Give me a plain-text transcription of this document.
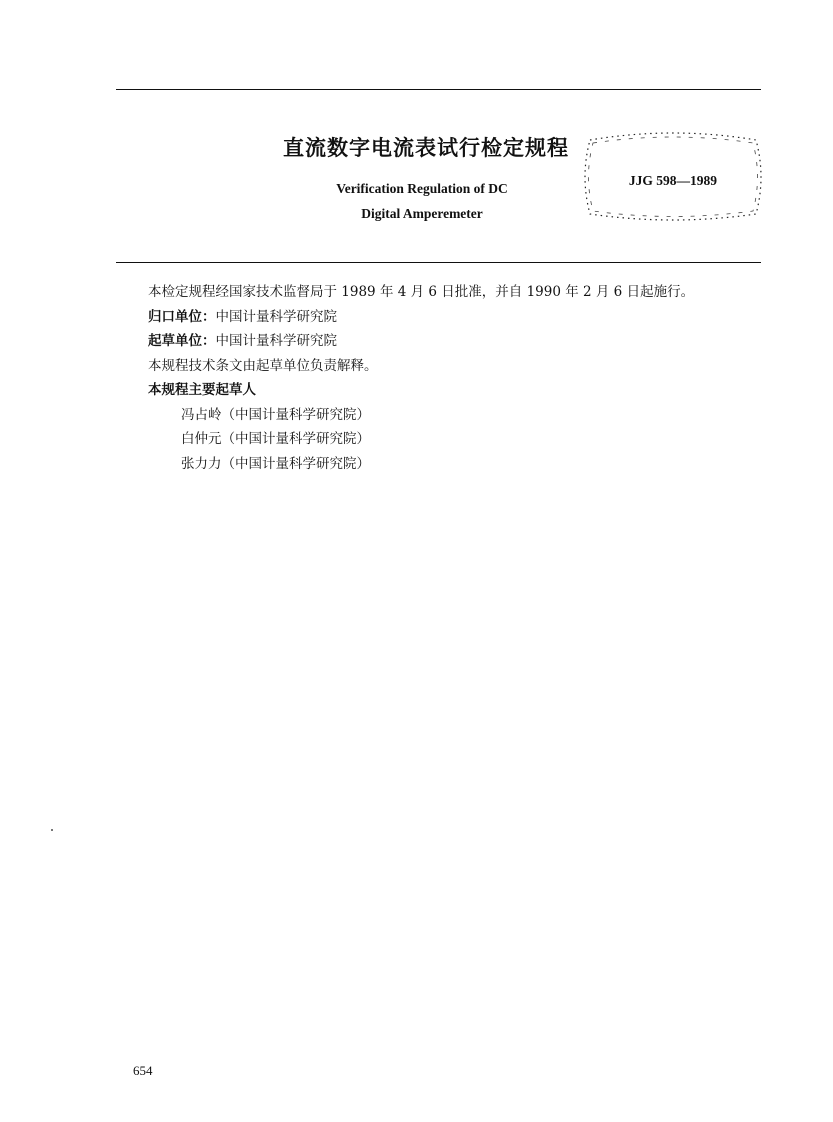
直流数字电流表试行检定规程
Verification Regulation of DC
Digital Amperemeter
JJG 598—1989
本检定规程经国家技术监督局于 1989 年 4 月 6 日批准，并自 1990 年 2 月 6 日起施行。
归口单位：中国计量科学研究院
起草单位：中国计量科学研究院
本规程技术条文由起草单位负责解释。
本规程主要起草人
冯占岭（中国计量科学研究院）
白仲元（中国计量科学研究院）
张力力（中国计量科学研究院）
654
